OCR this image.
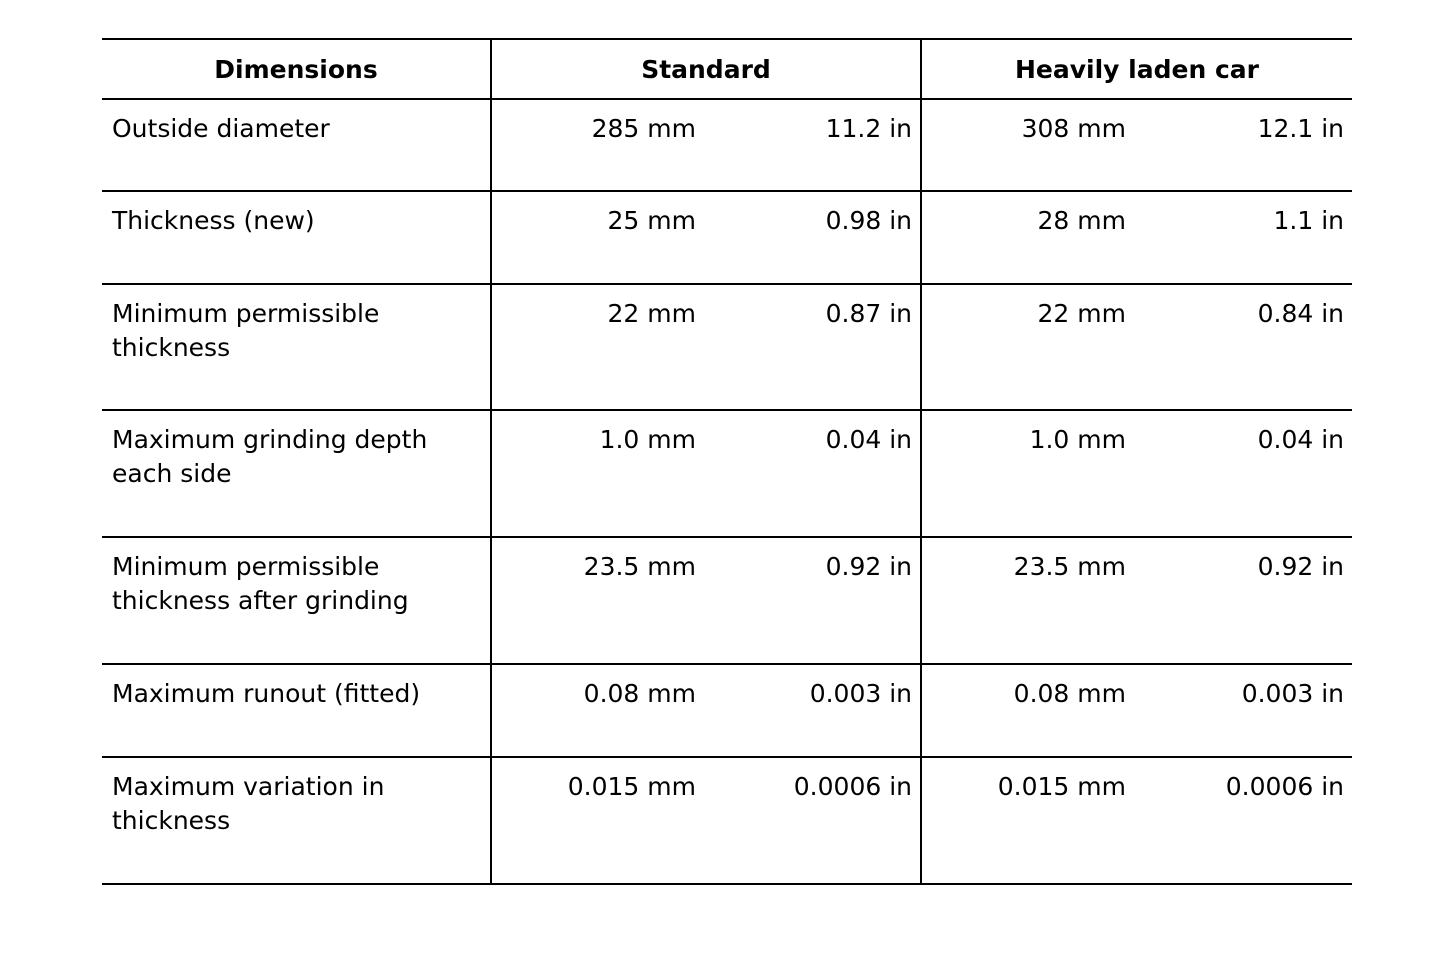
Dimensions	Standard		Heavily laden car	
Outside diameter	285 mm	11.2 in	308 mm	12.1 in
Thickness (new)	25 mm	0.98 in	28 mm	1.1 in
Minimum permissible thickness	22 mm	0.87 in	22 mm	0.84 in
Maximum grinding depth each side	1.0 mm	0.04 in	1.0 mm	0.04 in
Minimum permissible thickness after grinding	23.5 mm	0.92 in	23.5 mm	0.92 in
Maximum runout (fitted)	0.08 mm	0.003 in	0.08 mm	0.003 in
Maximum variation in thickness	0.015 mm	0.0006 in	0.015 mm	0.0006 in
